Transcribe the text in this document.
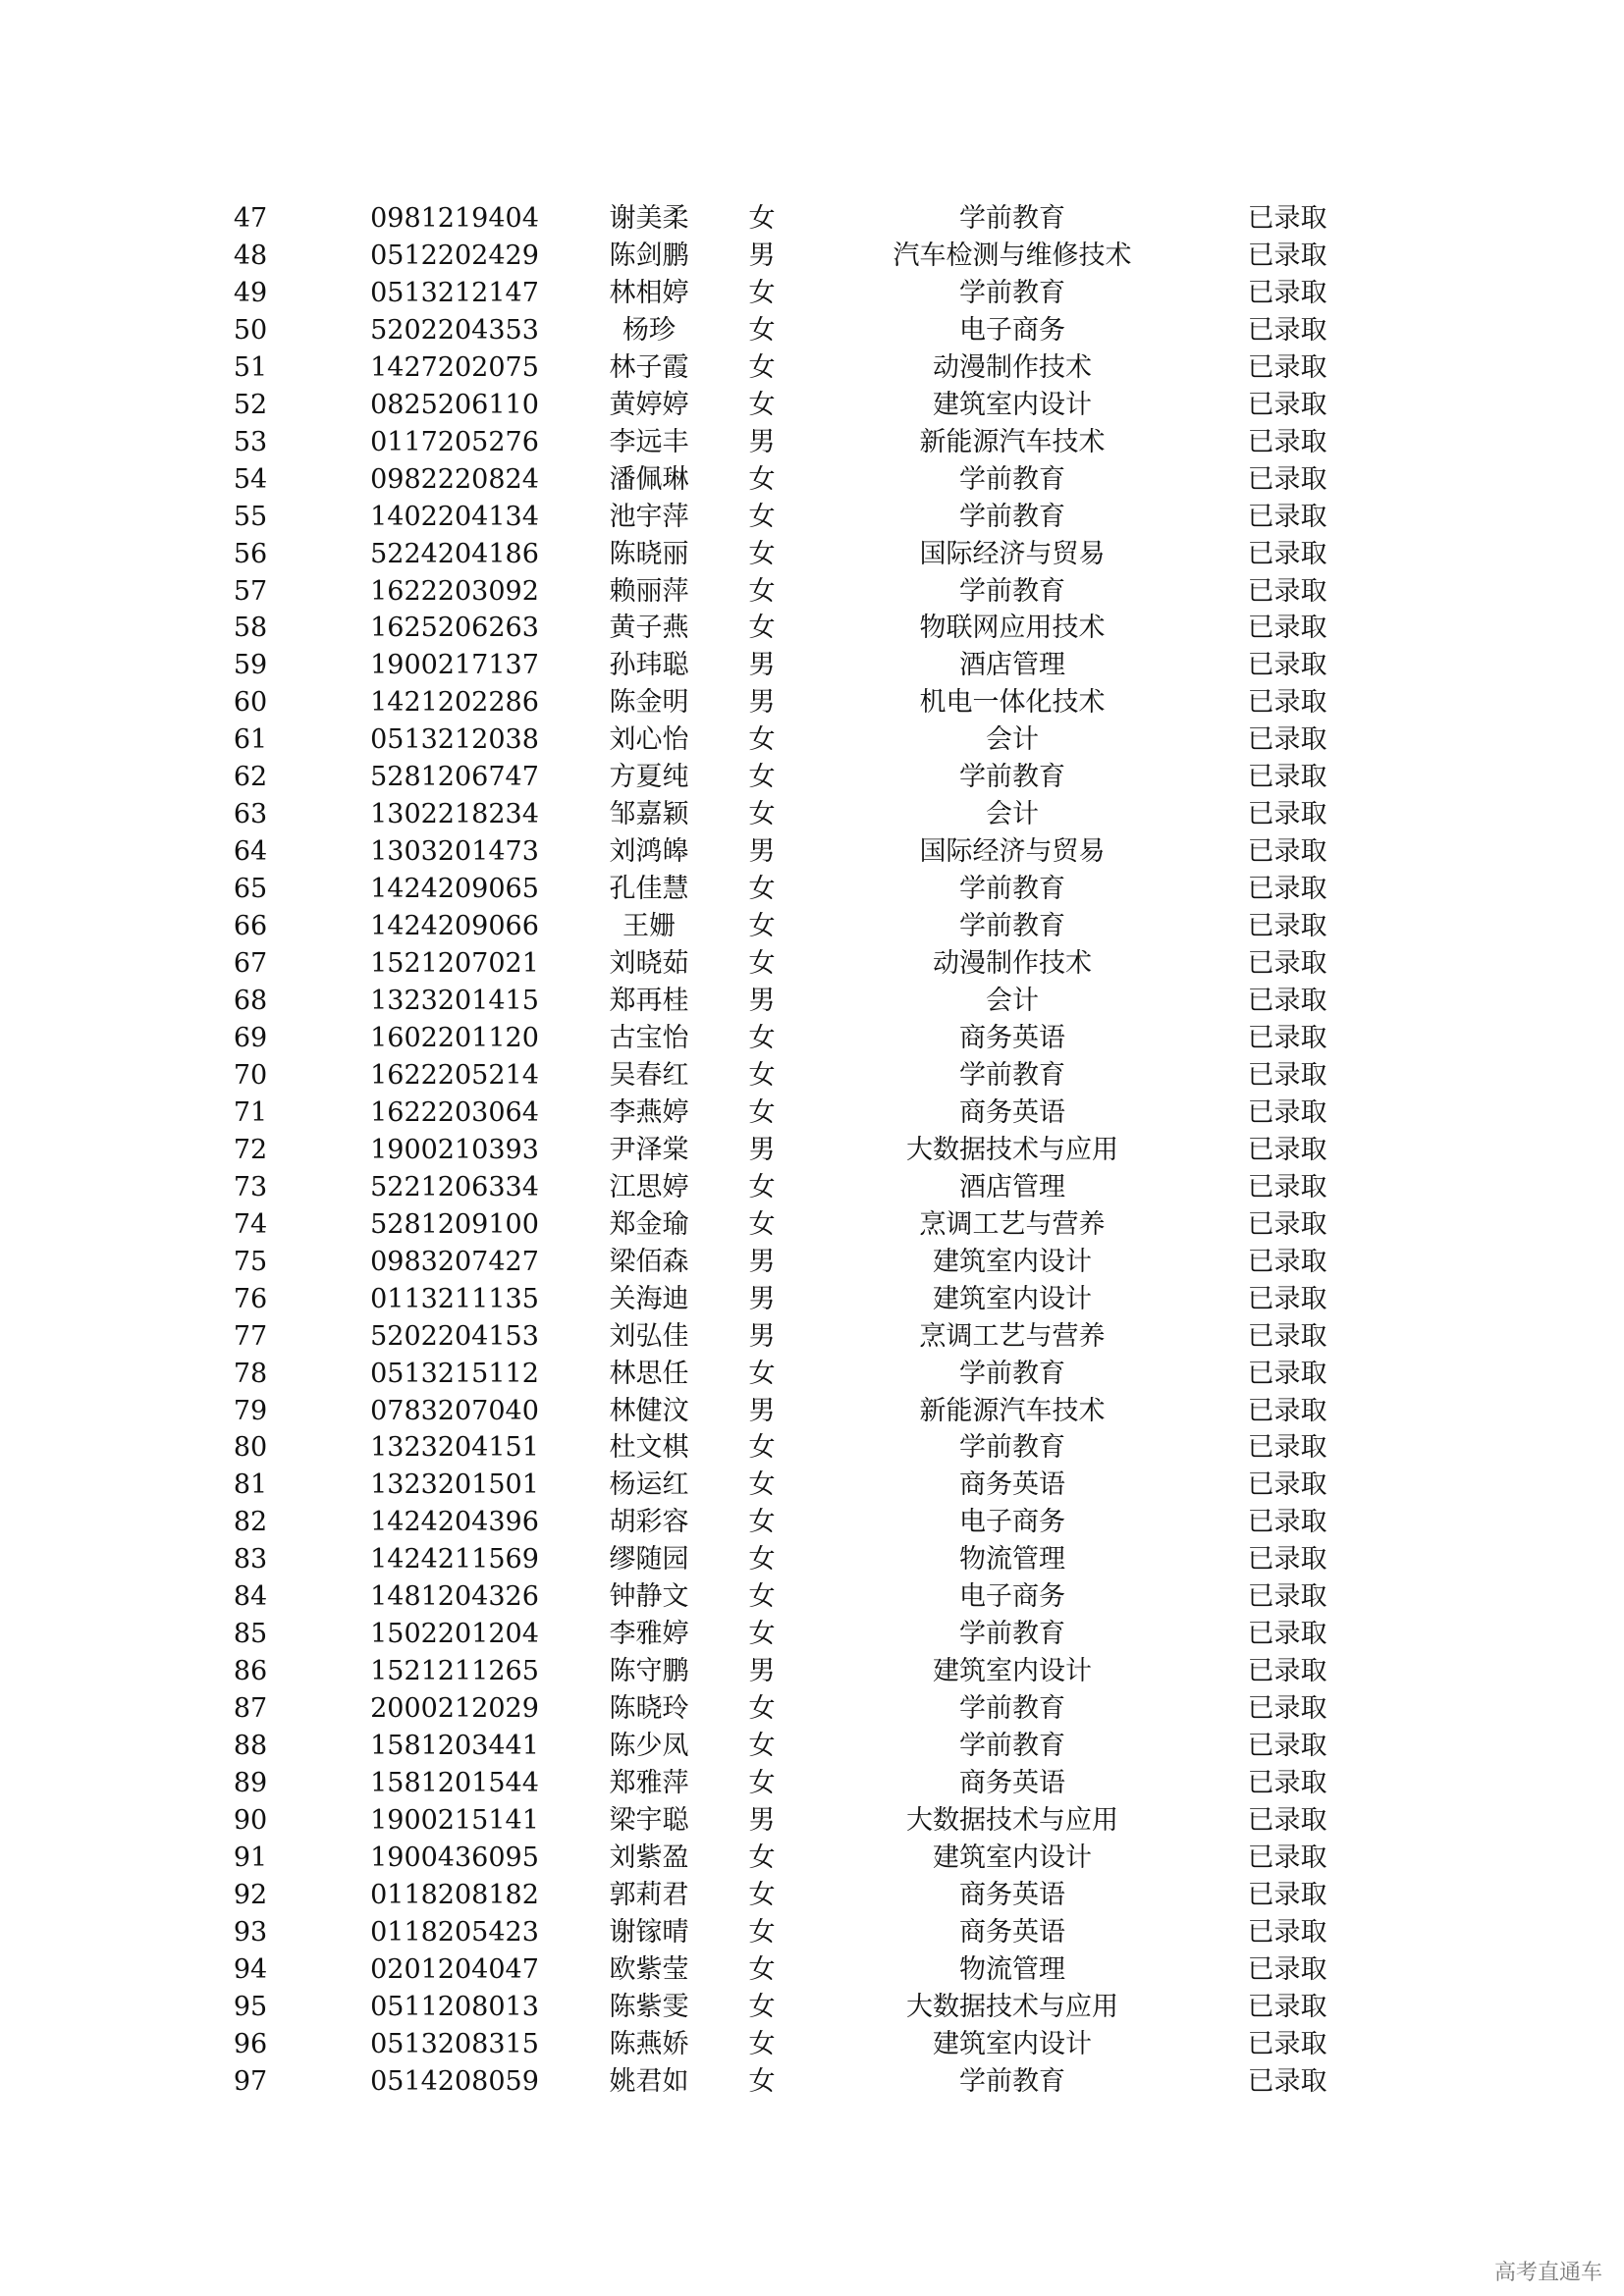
47	0981219404	谢美柔	女	学前教育	已录取
48	0512202429	陈剑鹏	男	汽车检测与维修技术	已录取
49	0513212147	林相婷	女	学前教育	已录取
50	5202204353	杨珍	女	电子商务	已录取
51	1427202075	林子霞	女	动漫制作技术	已录取
52	0825206110	黄婷婷	女	建筑室内设计	已录取
53	0117205276	李远丰	男	新能源汽车技术	已录取
54	0982220824	潘佩琳	女	学前教育	已录取
55	1402204134	池宇萍	女	学前教育	已录取
56	5224204186	陈晓丽	女	国际经济与贸易	已录取
57	1622203092	赖丽萍	女	学前教育	已录取
58	1625206263	黄子燕	女	物联网应用技术	已录取
59	1900217137	孙玮聪	男	酒店管理	已录取
60	1421202286	陈金明	男	机电一体化技术	已录取
61	0513212038	刘心怡	女	会计	已录取
62	5281206747	方夏纯	女	学前教育	已录取
63	1302218234	邹嘉颖	女	会计	已录取
64	1303201473	刘鸿皞	男	国际经济与贸易	已录取
65	1424209065	孔佳慧	女	学前教育	已录取
66	1424209066	王姗	女	学前教育	已录取
67	1521207021	刘晓茹	女	动漫制作技术	已录取
68	1323201415	郑再桂	男	会计	已录取
69	1602201120	古宝怡	女	商务英语	已录取
70	1622205214	吴春红	女	学前教育	已录取
71	1622203064	李燕婷	女	商务英语	已录取
72	1900210393	尹泽棠	男	大数据技术与应用	已录取
73	5221206334	江思婷	女	酒店管理	已录取
74	5281209100	郑金瑜	女	烹调工艺与营养	已录取
75	0983207427	梁佰森	男	建筑室内设计	已录取
76	0113211135	关海迪	男	建筑室内设计	已录取
77	5202204153	刘弘佳	男	烹调工艺与营养	已录取
78	0513215112	林思任	女	学前教育	已录取
79	0783207040	林健汶	男	新能源汽车技术	已录取
80	1323204151	杜文棋	女	学前教育	已录取
81	1323201501	杨运红	女	商务英语	已录取
82	1424204396	胡彩容	女	电子商务	已录取
83	1424211569	缪随园	女	物流管理	已录取
84	1481204326	钟静文	女	电子商务	已录取
85	1502201204	李雅婷	女	学前教育	已录取
86	1521211265	陈守鹏	男	建筑室内设计	已录取
87	2000212029	陈晓玲	女	学前教育	已录取
88	1581203441	陈少凤	女	学前教育	已录取
89	1581201544	郑雅萍	女	商务英语	已录取
90	1900215141	梁宇聪	男	大数据技术与应用	已录取
91	1900436095	刘紫盈	女	建筑室内设计	已录取
92	0118208182	郭莉君	女	商务英语	已录取
93	0118205423	谢镓晴	女	商务英语	已录取
94	0201204047	欧紫莹	女	物流管理	已录取
95	0511208013	陈紫雯	女	大数据技术与应用	已录取
96	0513208315	陈燕娇	女	建筑室内设计	已录取
97	0514208059	姚君如	女	学前教育	已录取
高考直通车
